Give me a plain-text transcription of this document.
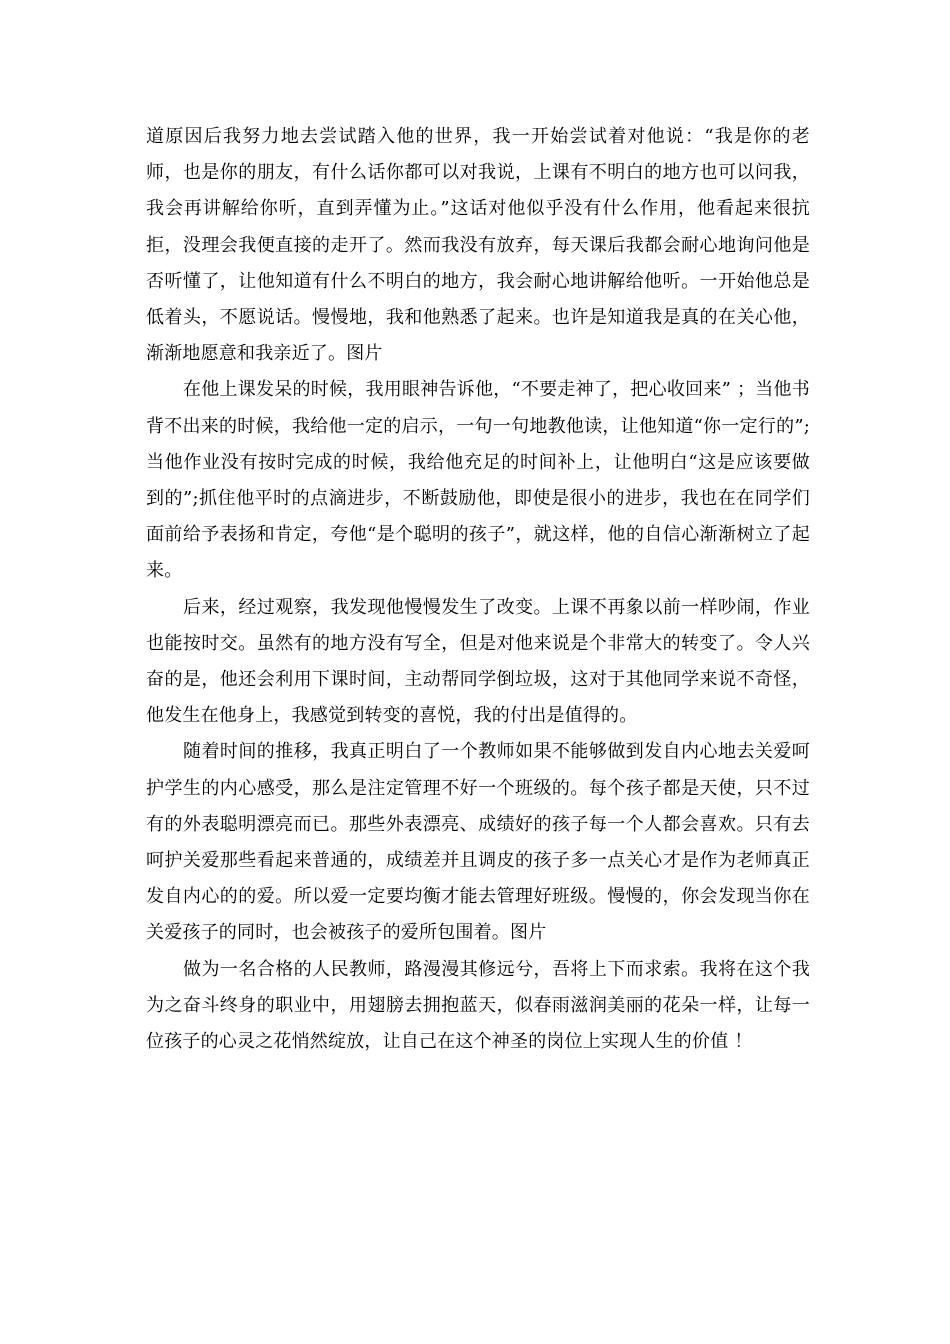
道原因后我努力地去尝试踏入他的世界，我一开始尝试着对他说：“我是你的老师，也是你的朋友，有什么话你都可以对我说，上课有不明白的地方也可以问我，我会再讲解给你听，直到弄懂为止。”这话对他似乎没有什么作用，他看起来很抗拒，没理会我便直接的走开了。然而我没有放弃，每天课后我都会耐心地询问他是否听懂了，让他知道有什么不明白的地方，我会耐心地讲解给他听。一开始他总是低着头，不愿说话。慢慢地，我和他熟悉了起来。也许是知道我是真的在关心他，渐渐地愿意和我亲近了。图片

在他上课发呆的时候，我用眼神告诉他，“不要走神了，把心收回来” ；当他书背不出来的时候，我给他一定的启示，一句一句地教他读，让他知道“你一定行的”;当他作业没有按时完成的时候，我给他充足的时间补上，让他明白“这是应该要做到的”;抓住他平时的点滴进步，不断鼓励他，即使是很小的进步，我也在在同学们面前给予表扬和肯定，夸他“是个聪明的孩子”，就这样，他的自信心渐渐树立了起来。

后来，经过观察，我发现他慢慢发生了改变。上课不再象以前一样吵闹，作业也能按时交。虽然有的地方没有写全，但是对他来说是个非常大的转变了。令人兴奋的是，他还会利用下课时间，主动帮同学倒垃圾，这对于其他同学来说不奇怪，他发生在他身上，我感觉到转变的喜悦，我的付出是值得的。

随着时间的推移，我真正明白了一个教师如果不能够做到发自内心地去关爱呵护学生的内心感受，那么是注定管理不好一个班级的。每个孩子都是天使，只不过有的外表聪明漂亮而已。那些外表漂亮、成绩好的孩子每一个人都会喜欢。只有去呵护关爱那些看起来普通的，成绩差并且调皮的孩子多一点关心才是作为老师真正发自内心的的爱。所以爱一定要均衡才能去管理好班级。慢慢的，你会发现当你在关爱孩子的同时，也会被孩子的爱所包围着。图片

做为一名合格的人民教师，路漫漫其修远兮，吾将上下而求索。我将在这个我为之奋斗终身的职业中，用翅膀去拥抱蓝天，似春雨滋润美丽的花朵一样，让每一位孩子的心灵之花悄然绽放，让自己在这个神圣的岗位上实现人生的价值 ！
